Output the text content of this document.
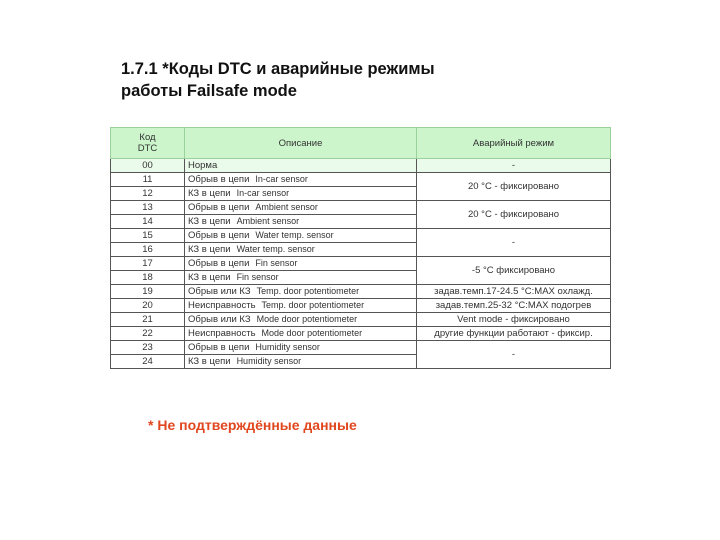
1.7.1 *Коды DTC и аварийные режимы
работы Failsafe mode
Код
DTC	Описание	Аварийный режим
00	Норма	-
11	Обрыв в цепи In-car sensor	20 °C - фиксировано
12	КЗ в цепи In-car sensor	
13	Обрыв в цепи Ambient sensor	20 °C - фиксировано
14	КЗ в цепи Ambient sensor	
15	Обрыв в цепи Water temp. sensor	-
16	КЗ в цепи Water temp. sensor	
17	Обрыв в цепи Fin sensor	-5 °C фиксировано
18	КЗ в цепи Fin sensor	
19	Обрыв или КЗ Temp. door potentiometer	задав.темп.17-24.5 °C:MAX охлажд.
20	Неисправность Temp. door potentiometer	задав.темп.25-32 °C:MAX подогрев
21	Обрыв или КЗ Mode door potentiometer	Vent mode - фиксировано
22	Неисправность Mode door potentiometer	другие функции работают - фиксир.
23	Обрыв в цепи Humidity sensor	-
24	КЗ в цепи Humidity sensor	
* Не подтверждённые данные
